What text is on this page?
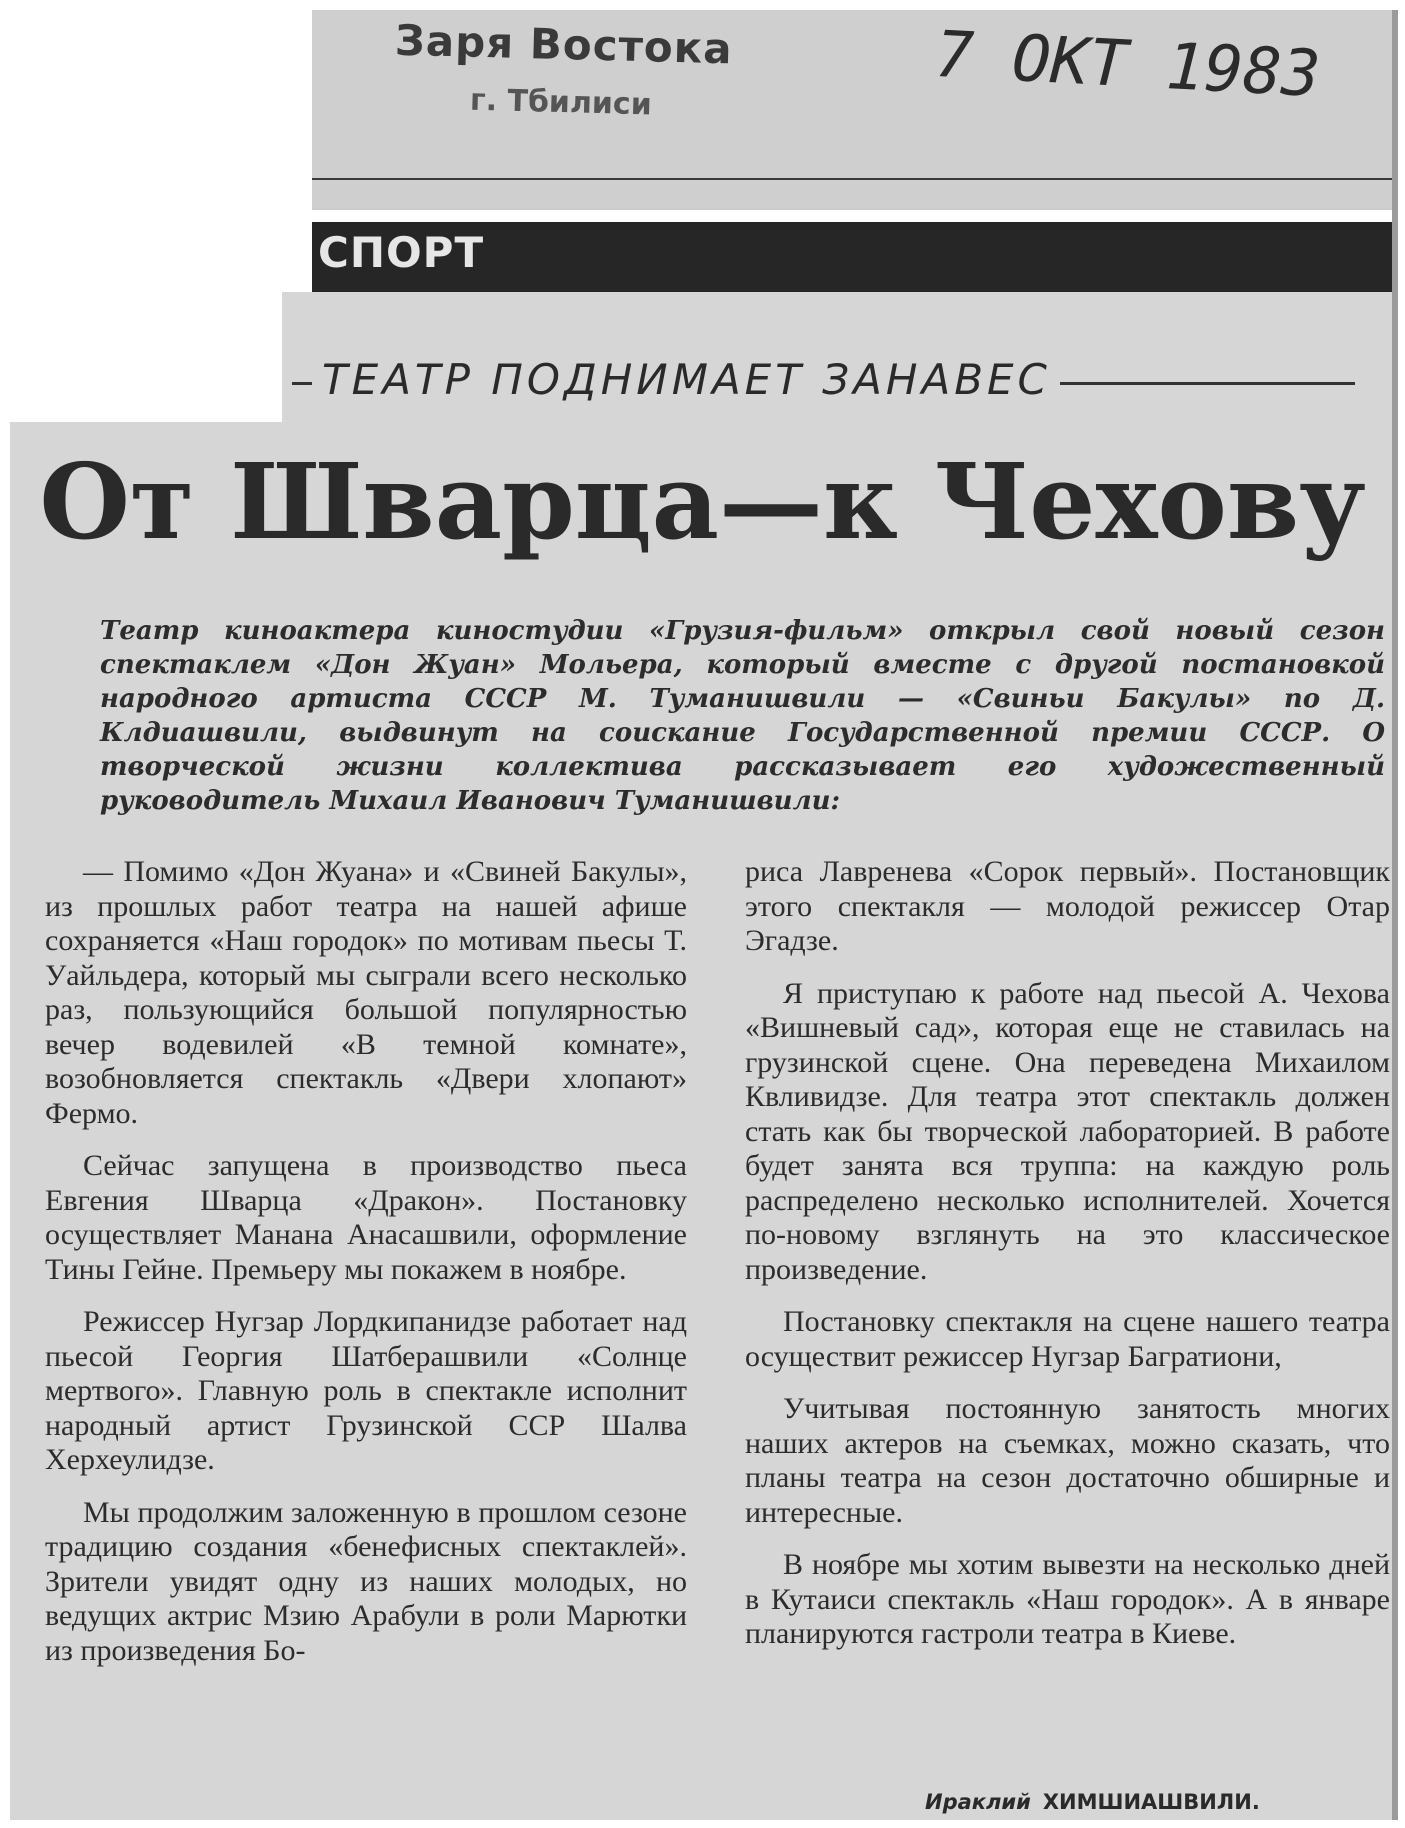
Заря Востока
г. Тбилиси	7 ОКТ 1983
СПОРТ
ТЕАТР ПОДНИМАЕТ ЗАНАВЕС
От Шварца—к Чехову
Театр киноактера киностудии «Грузия-фильм» открыл свой новый сезон спектаклем «Дон Жуан» Мольера, который вместе с другой постановкой народного артиста СССР М. Туманишвили — «Свиньи Бакулы» по Д. Клдиашвили, выдвинут на соискание Государственной премии СССР. О творческой жизни коллектива рассказывает его художественный руководитель Михаил Иванович Туманишвили:

— Помимо «Дон Жуана» и «Свиней Бакулы», из прошлых работ театра на нашей афише сохраняется «Наш городок» по мотивам пьесы Т. Уайльдера, который мы сыграли всего несколько раз, пользующийся большой популярностью вечер водевилей «В темной комнате», возобновляется спектакль «Двери хлопают» Фермо.

Сейчас запущена в производство пьеса Евгения Шварца «Дракон». Постановку осуществляет Манана Анасашвили, оформление Тины Гейне. Премьеру мы покажем в ноябре.

Режиссер Нугзар Лордкипанидзе работает над пьесой Георгия Шатберашвили «Солнце мертвого». Главную роль в спектакле исполнит народный артист Грузинской ССР Шалва Херхеулидзе.

Мы продолжим заложенную в прошлом сезоне традицию создания «бенефисных спектаклей». Зрители увидят одну из наших молодых, но ведущих актрис Мзию Арабули в роли Марютки из произведения Бо-

риса Лавренева «Сорок первый». Постановщик этого спектакля — молодой режиссер Отар Эгадзе.

Я приступаю к работе над пьесой А. Чехова «Вишневый сад», которая еще не ставилась на грузинской сцене. Она переведена Михаилом Квливидзе. Для театра этот спектакль должен стать как бы творческой лабораторией. В работе будет занята вся труппа: на каждую роль распределено несколько исполнителей. Хочется по-новому взглянуть на это классическое произведение.

Постановку спектакля на сцене нашего театра осуществит режиссер Нугзар Багратиони,

Учитывая постоянную занятость многих наших актеров на съемках, можно сказать, что планы театра на сезон достаточно обширные и интересные.

В ноябре мы хотим вывезти на несколько дней в Кутаиси спектакль «Наш городок». А в январе планируются гастроли театра в Киеве.

Ираклий ХИМШИАШВИЛИ.
